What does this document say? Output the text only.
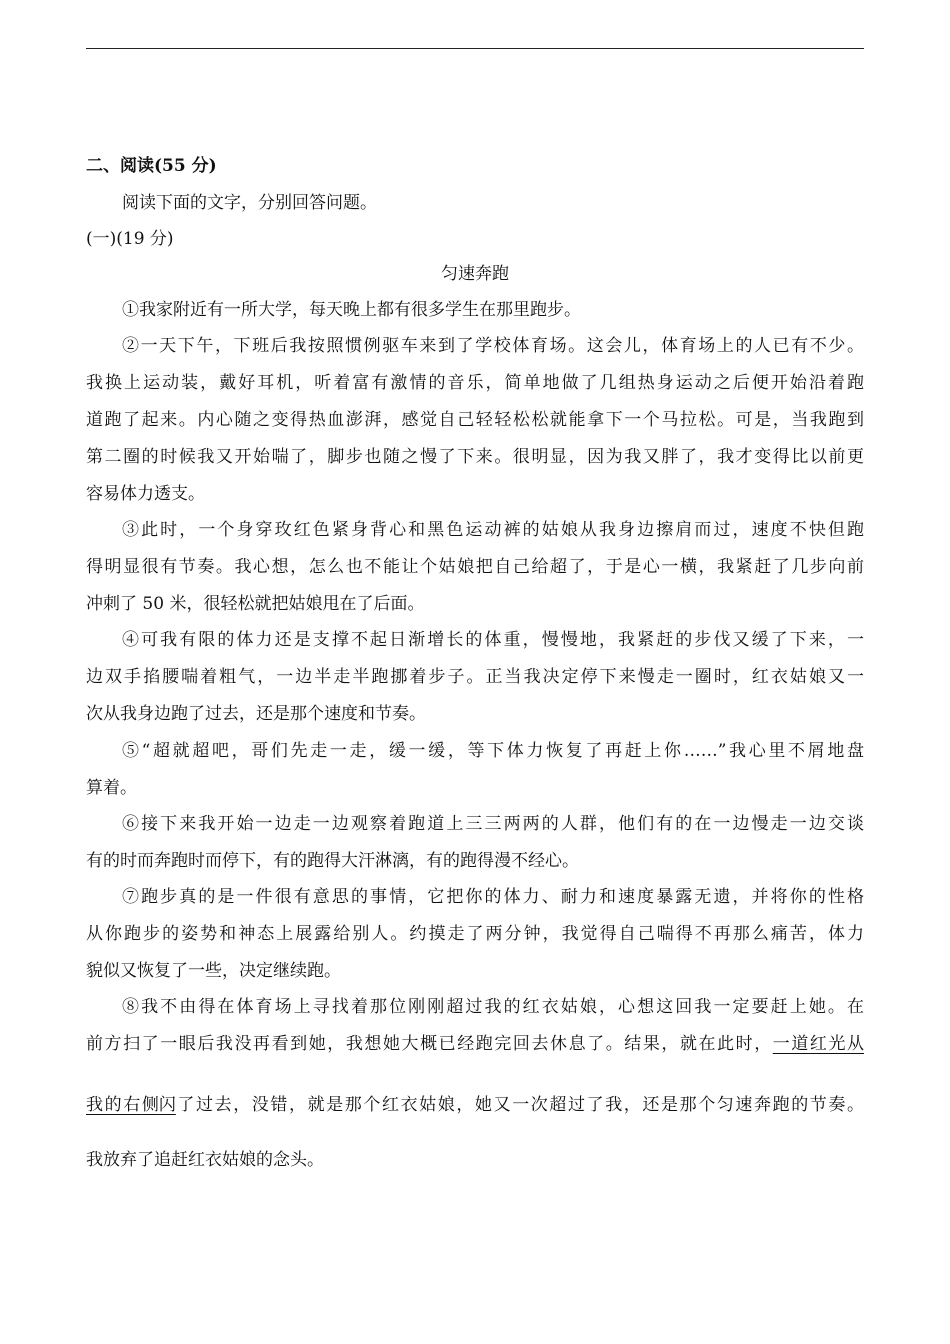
二、阅读(55 分)
阅读下面的文字，分别回答问题。
(一)(19 分)
匀速奔跑
①我家附近有一所大学，每天晚上都有很多学生在那里跑步。
②一天下午，下班后我按照惯例驱车来到了学校体育场。这会儿，体育场上的人已有不少。
我换上运动装，戴好耳机，听着富有激情的音乐，简单地做了几组热身运动之后便开始沿着跑
道跑了起来。内心随之变得热血澎湃，感觉自己轻轻松松就能拿下一个马拉松。可是，当我跑到
第二圈的时候我又开始喘了，脚步也随之慢了下来。很明显，因为我又胖了，我才变得比以前更
容易体力透支。
③此时，一个身穿玫红色紧身背心和黑色运动裤的姑娘从我身边擦肩而过，速度不快但跑
得明显很有节奏。我心想，怎么也不能让个姑娘把自己给超了，于是心一横，我紧赶了几步向前
冲刺了 50 米，很轻松就把姑娘甩在了后面。
④可我有限的体力还是支撑不起日渐增长的体重，慢慢地，我紧赶的步伐又缓了下来，一
边双手掐腰喘着粗气，一边半走半跑挪着步子。正当我决定停下来慢走一圈时，红衣姑娘又一
次从我身边跑了过去，还是那个速度和节奏。
⑤“超就超吧，哥们先走一走，缓一缓，等下体力恢复了再赶上你……”我心里不屑地盘
算着。
⑥接下来我开始一边走一边观察着跑道上三三两两的人群，他们有的在一边慢走一边交谈
有的时而奔跑时而停下，有的跑得大汗淋漓，有的跑得漫不经心。
⑦跑步真的是一件很有意思的事情，它把你的体力、耐力和速度暴露无遗，并将你的性格
从你跑步的姿势和神态上展露给别人。约摸走了两分钟，我觉得自己喘得不再那么痛苦，体力
貌似又恢复了一些，决定继续跑。
⑧我不由得在体育场上寻找着那位刚刚超过我的红衣姑娘，心想这回我一定要赶上她。在
前方扫了一眼后我没再看到她，我想她大概已经跑完回去休息了。结果，就在此时，一道红光从
我的右侧闪了过去，没错，就是那个红衣姑娘，她又一次超过了我，还是那个匀速奔跑的节奏。
我放弃了追赶红衣姑娘的念头。
